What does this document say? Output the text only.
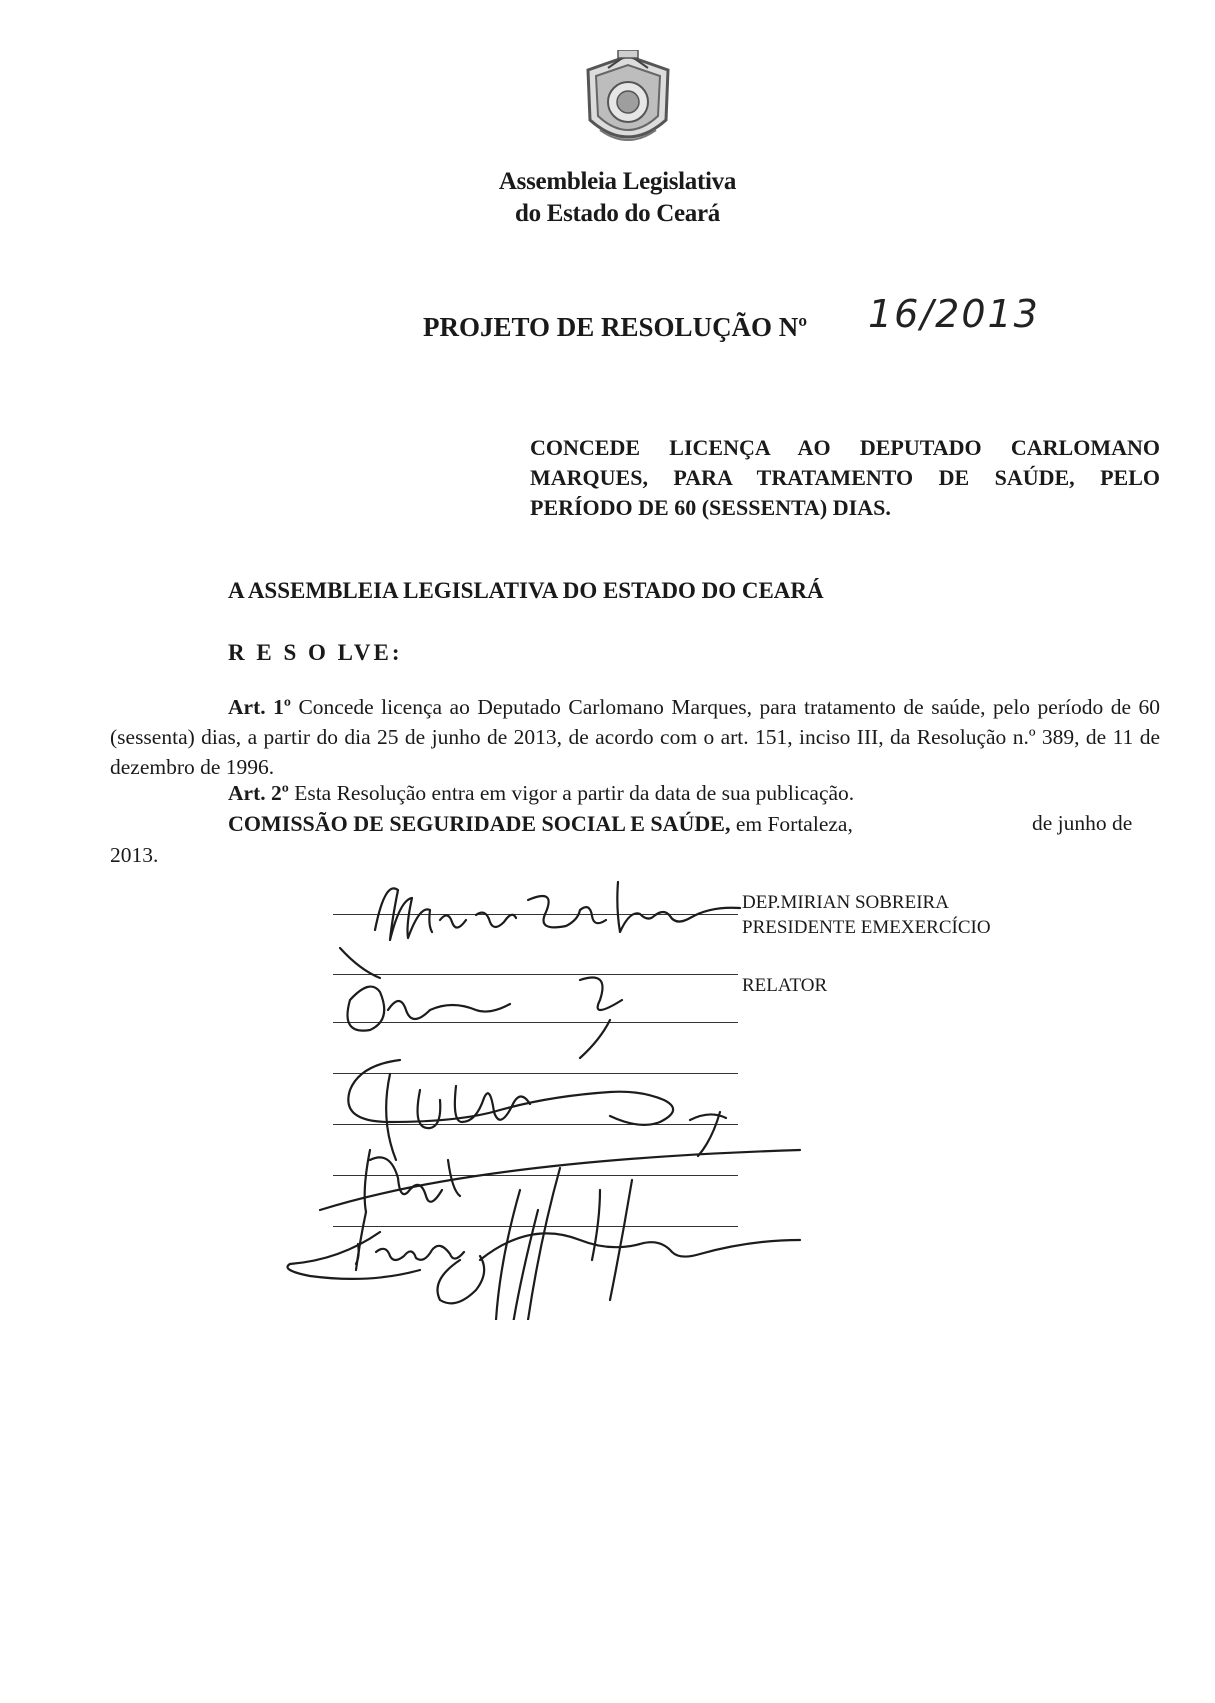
Assembleia Legislativa
do Estado do Ceará
PROJETO DE RESOLUÇÃO Nº 16/2013
CONCEDE LICENÇA AO DEPUTADO CARLOMANO MARQUES, PARA TRATAMENTO DE SAÚDE, PELO PERÍODO DE 60 (SESSENTA) DIAS.
A ASSEMBLEIA LEGISLATIVA DO ESTADO DO CEARÁ
R E S O LVE:
Art. 1º Concede licença ao Deputado Carlomano Marques, para tratamento de saúde, pelo período de 60 (sessenta) dias, a partir do dia 25 de junho de 2013, de acordo com o art. 151, inciso III, da Resolução n.º 389, de 11 de dezembro de 1996.
Art. 2º Esta Resolução entra em vigor a partir da data de sua publicação.
COMISSÃO DE SEGURIDADE SOCIAL E SAÚDE, em Fortaleza,	de junho de
2013.
DEP.MIRIAN SOBREIRA
PRESIDENTE EMEXERCÍCIO
RELATOR
